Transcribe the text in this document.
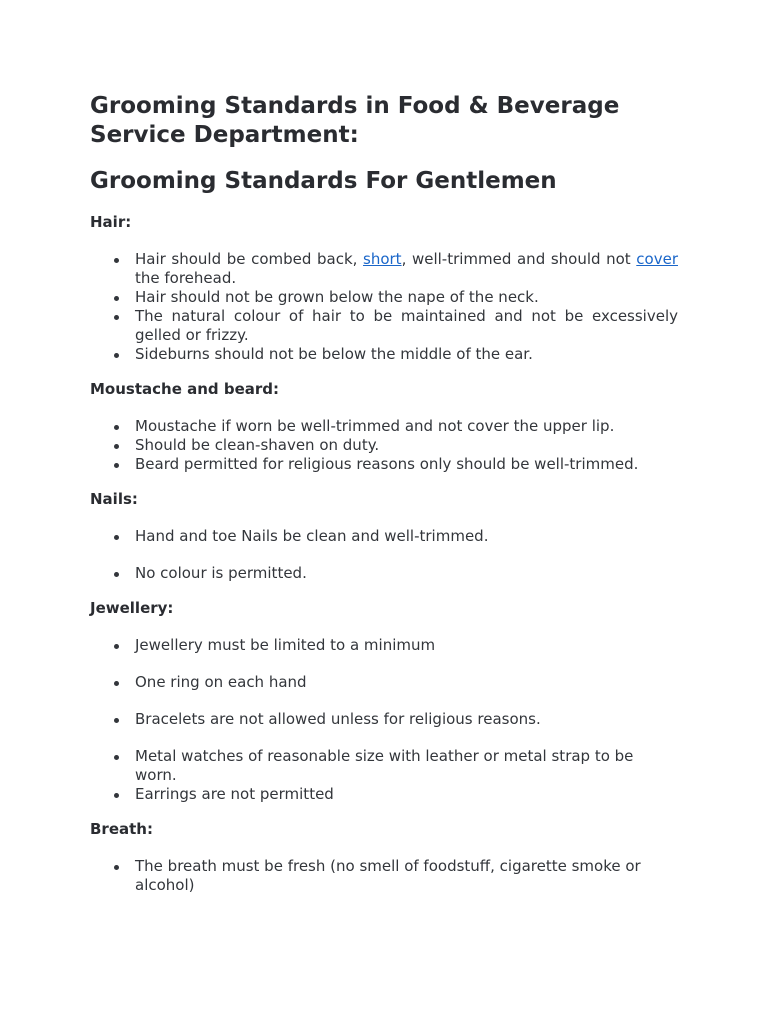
Grooming Standards in Food & Beverage Service Department:
Grooming Standards For Gentlemen
Hair:
Hair should be combed back, short, well-trimmed and should not cover the forehead.
Hair should not be grown below the nape of the neck.
The natural colour of hair to be maintained and not be excessively gelled or frizzy.
Sideburns should not be below the middle of the ear.
Moustache and beard:
Moustache if worn be well-trimmed and not cover the upper lip.
Should be clean-shaven on duty.
Beard permitted for religious reasons only should be well-trimmed.
Nails:
Hand and toe Nails be clean and well-trimmed.
No colour is permitted.
Jewellery:
Jewellery must be limited to a minimum
One ring on each hand
Bracelets are not allowed unless for religious reasons.
Metal watches of reasonable size with leather or metal strap to be worn.
Earrings are not permitted
Breath:
The breath must be fresh (no smell of foodstuff, cigarette smoke or alcohol)
